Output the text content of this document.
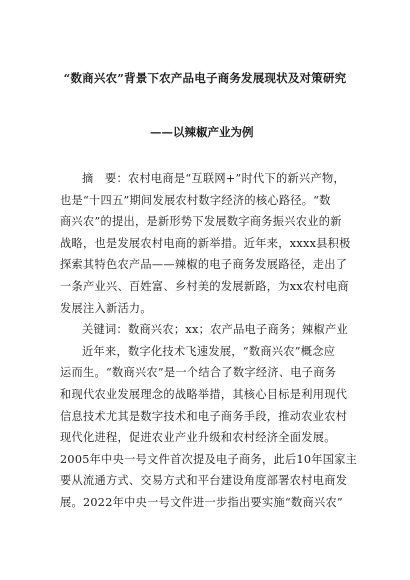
“数商兴农”背景下农产品电子商务发展现状及对策研究
——以辣椒产业为例
摘　要：农村电商是“互联网+”时代下的新兴产物，
也是“十四五”期间发展农村数字经济的核心路径。“数
商兴农”的提出，是新形势下发展数字商务振兴农业的新
战略，也是发展农村电商的新举措。近年来，xxxx县积极
探索其特色农产品——辣椒的电子商务发展路径，走出了
一条产业兴、百姓富、乡村美的发展新路，为xx农村电商
发展注入新活力。
关键词：数商兴农；xx；农产品电子商务；辣椒产业
近年来，数字化技术飞速发展，“数商兴农”概念应
运而生。“数商兴农”是一个结合了数字经济、电子商务
和现代农业发展理念的战略举措，其核心目标是利用现代
信息技术尤其是数字技术和电子商务手段，推动农业农村
现代化进程，促进农业产业升级和农村经济全面发展。
2005年中央一号文件首次提及电子商务，此后10年国家主
要从流通方式、交易方式和平台建设角度部署农村电商发
展。2022年中央一号文件进一步指出要实施“数商兴农”
